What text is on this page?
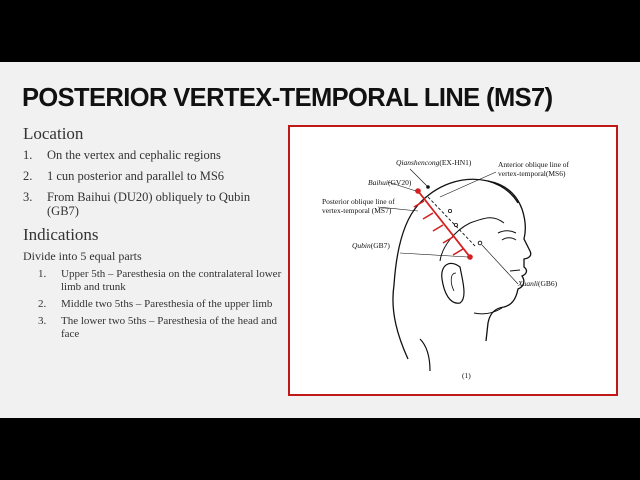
POSTERIOR VERTEX-TEMPORAL LINE (MS7)

Location

1. On the vertex and cephalic regions
2. 1 cun posterior and parallel to MS6
3. From Baihui (DU20) obliquely to Qubin (GB7)

Indications

Divide into 5 equal parts

1. Upper 5th – Paresthesia on the contralateral lower limb and trunk
2. Middle two 5ths – Paresthesia of the upper limb
3. The lower two 5ths – Paresthesia of the head and face
Qianshencong(EX-HN1)
Baihui(GV20)
Posterior oblique line of
vertex-temporal (MS7)
Anterior oblique line of
vertex-temporal(MS6)
Xuanli(GB6)
Qubin(GB7)
(1)
